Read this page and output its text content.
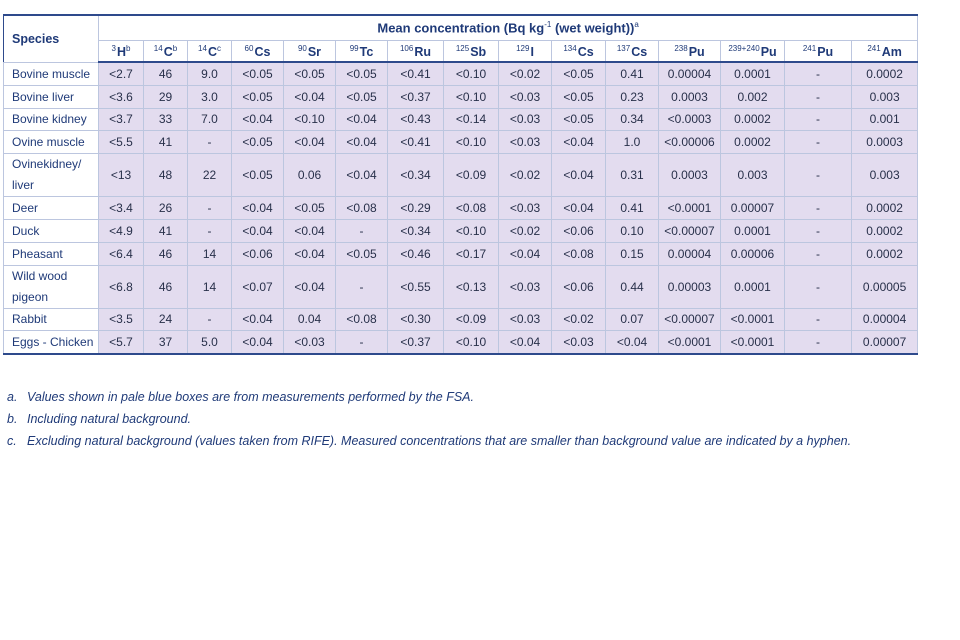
Species	Mean concentration (Bq $kg^{-1}$ (wet weight))$^a$
	$^3H^b$	$^{14}C^b$	$^{14}C^c$	$^{60}$Cs	$^{90}$Sr	$^{99}$Tc	$^{106}$Ru	$^{125}$Sb	$^{129}$I	$^{134}$Cs	$^{137}$Cs	$^{238}$Pu	$^{239+240}$Pu	$^{241}$Pu	$^{241}$Am
Bovine muscle	<2.7	46	9.0	<0.05	<0.05	<0.05	<0.41	<0.10	<0.02	<0.05	0.41	0.00004	0.0001	-	0.0002
Bovine liver	<3.6	29	3.0	<0.05	<0.04	<0.05	<0.37	<0.10	<0.03	<0.05	0.23	0.0003	0.002	-	0.003
Bovine kidney	<3.7	33	7.0	<0.04	<0.10	<0.04	<0.43	<0.14	<0.03	<0.05	0.34	<0.0003	0.0002	-	0.001
Ovine muscle	<5.5	41	-	<0.05	<0.04	<0.04	<0.41	<0.10	<0.03	<0.04	1.0	<0.00006	0.0002	-	0.0003
Ovinekidney/ liver	<13	48	22	<0.05	0.06	<0.04	<0.34	<0.09	<0.02	<0.04	0.31	0.0003	0.003	-	0.003
Deer	<3.4	26	-	<0.04	<0.05	<0.08	<0.29	<0.08	<0.03	<0.04	0.41	<0.0001	0.00007	-	0.0002
Duck	<4.9	41	-	<0.04	<0.04	-	<0.34	<0.10	<0.02	<0.06	0.10	<0.00007	0.0001	-	0.0002
Pheasant	<6.4	46	14	<0.06	<0.04	<0.05	<0.46	<0.17	<0.04	<0.08	0.15	0.00004	0.00006	-	0.0002
Wild wood pigeon	<6.8	46	14	<0.07	<0.04	-	<0.55	<0.13	<0.03	<0.06	0.44	0.00003	0.0001	-	0.00005
Rabbit	<3.5	24	-	<0.04	0.04	<0.08	<0.30	<0.09	<0.03	<0.02	0.07	<0.00007	<0.0001	-	0.00004
Eggs - Chicken	<5.7	37	5.0	<0.04	<0.03	-	<0.37	<0.10	<0.04	<0.03	<0.04	<0.0001	<0.0001	-	0.00007
a. Values shown in pale blue boxes are from measurements performed by the FSA.
b. Including natural background.
c. Excluding natural background (values taken from RIFE). Measured concentrations that are smaller than background value are indicated by a hyphen.
